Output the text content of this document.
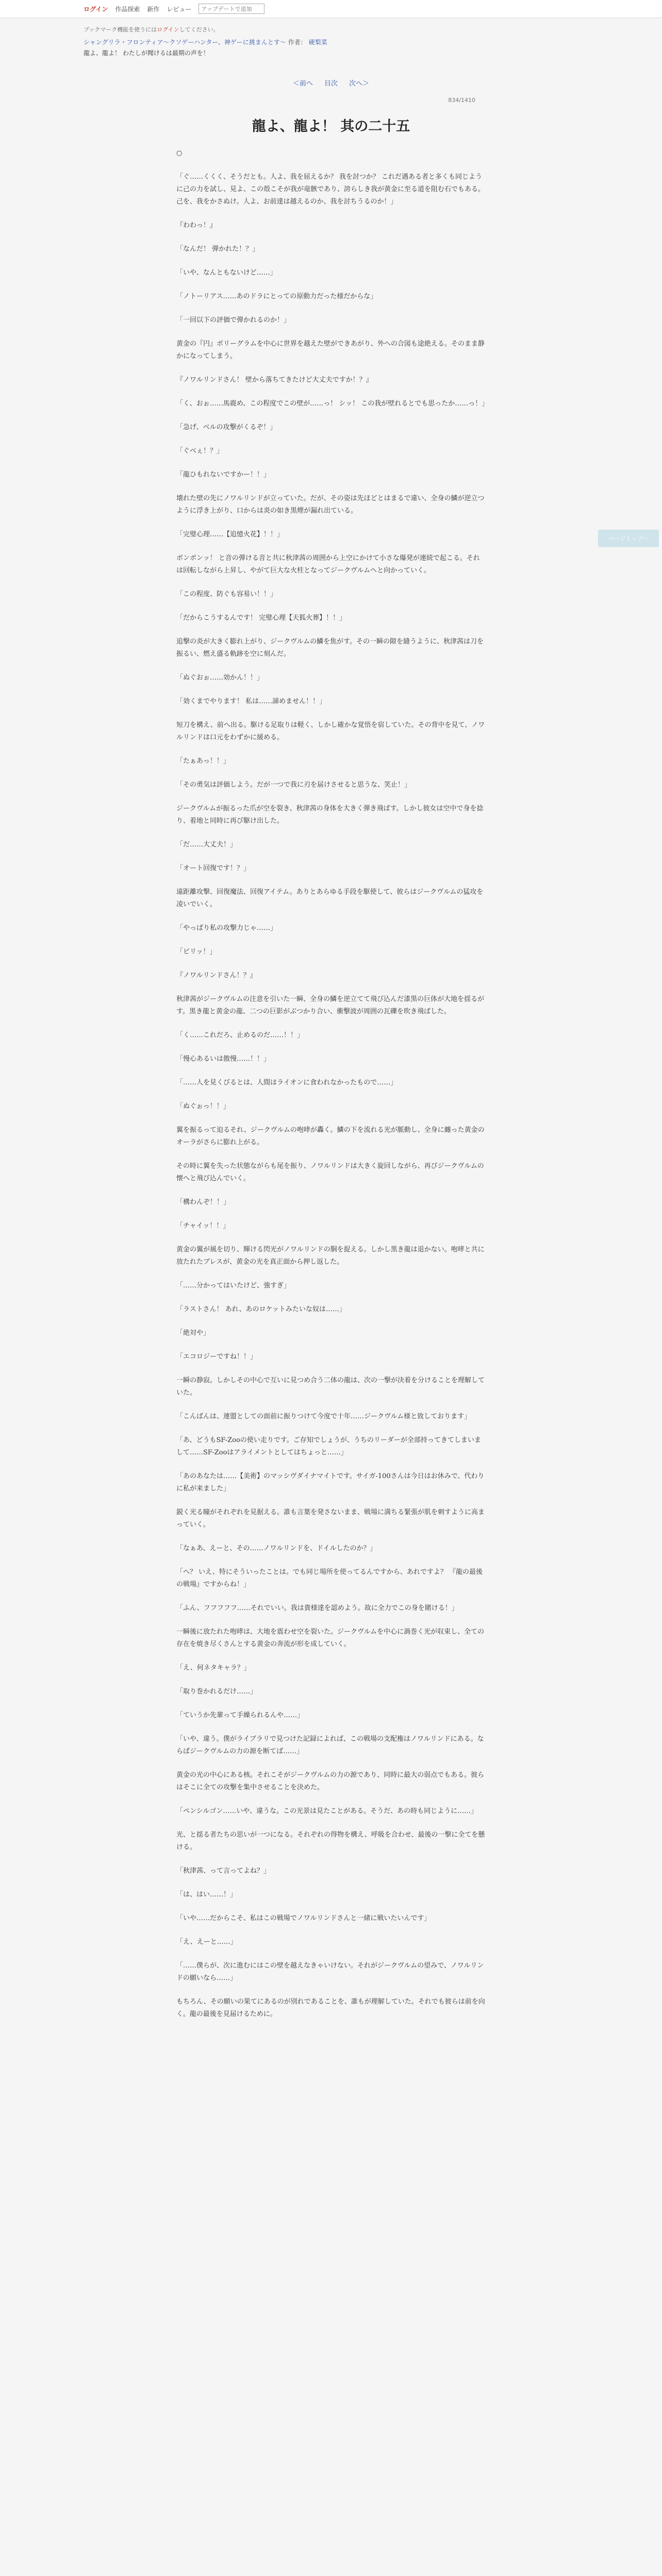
ログイン 作品探索 新作 レビュー
アップデートで追加
ブックマーク機能を使うにはログインしてください。
シャングリラ・フロンティア〜クソゲーハンター、神ゲーに挑まんとす〜 作者： 硬梨菜
龍よ、龍よ！ わたしが聞けるは最期の声を！
＜前へ 目次 次へ＞
834/1410
龍よ、龍よ！ 其の二十五

○

「ぐ……くくく、そうだとも。人よ、我を屈えるか？ 我を討つか？ これだ遇ある者と多くも同じように己の力を試し、見よ、この殻こそが我が竜骸であり、誇らしき我が黄金に至る道を阻む石でもある。己を、我をかさぬけ。人よ、お前達は越えるのか、我を討ちうるのか！」

『わわっ！』

「なんだ！ 弾かれた！？」

「いや、なんともないけど……」

「ノトーリアス……あのドラにとっての原動力だった様だからな」

「一回以下の評価で弾かれるのか！」

黄金の『円』ボリーグラムを中心に世界を越えた壁ができあがり、外への合図も途絶える。そのまま静かになってしまう。

『ノワルリンドさん！ 壁から落ちてきたけど大丈夫ですか！？』

「く、おぉ……馬鹿め、この程度でこの壁が……っ！ シッ！ この我が壁れるとでも思ったか……っ！」

「急げ、ベルの攻撃がくるぞ！」

「ぐべぇ！？」

「龍ひもれないですかー！！」

壊れた壁の先にノワルリンドが立っていた。だが、その姿は先ほどとはまるで違い、全身の鱗が逆立つように浮き上がり、口からは炎の如き黒煙が漏れ出ている。

「完璧心理……【追憶火花】！！」

ボンボンッ！ と音の弾ける音と共に秋津茜の周囲から上空にかけて小さな爆発が連続で起こる。それは回転しながら上昇し、やがて巨大な火柱となってジークヴルムへと向かっていく。

「この程度、防ぐも容易い！！」

「だからこうするんです！ 完璧心理【天狐火葬】！！」

追撃の炎が大きく膨れ上がり、ジークヴルムの鱗を焦がす。その一瞬の隙を縫うように、秋津茜は刀を振るい、燃え盛る軌跡を空に刻んだ。

「ぬぐおぉ……効かん！！」

「効くまでやります！ 私は……諦めません！！」

短刀を構え、前へ出る。駆ける足取りは軽く、しかし確かな覚悟を宿していた。その背中を見て、ノワルリンドは口元をわずかに緩める。

「たぁあっ！！」

「その勇気は評価しよう。だが一つで我に刃を届けさせると思うな、笑止！」

ジークヴルムが振るった爪が空を裂き、秋津茜の身体を大きく弾き飛ばす。しかし彼女は空中で身を捻り、着地と同時に再び駆け出した。

「だ……大丈夫！」

「オート回復です！？」

遠距離攻撃、回復魔法、回復アイテム。ありとあらゆる手段を駆使して、彼らはジークヴルムの猛攻を凌いでいく。

「やっぱり私の攻撃力じゃ……」

「ビリッ！」

『ノワルリンドさん！？』

秋津茜がジークヴルムの注意を引いた一瞬、全身の鱗を逆立てて飛び込んだ漆黒の巨体が大地を揺るがす。黒き龍と黄金の龍、二つの巨影がぶつかり合い、衝撃波が周囲の瓦礫を吹き飛ばした。

「く……これだろ、止めるのだ……！！」

「慢心あるいは傲慢……！！」

「……人を見くびるとは、人間はライオンに食われなかったもので……」

「ぬぐぉっ！！」

翼を振るって迫るそれ、ジークヴルムの咆哮が轟く。鱗の下を流れる光が脈動し、全身に纏った黄金のオーラがさらに膨れ上がる。

その時に翼を失った状態ながらも尾を振り、ノワルリンドは大きく旋回しながら、再びジークヴルムの懐へと飛び込んでいく。

「構わんぞ！！」

「チャイッ！！」

黄金の翼が風を切り、輝ける閃光がノワルリンドの胴を捉える。しかし黒き龍は退かない。咆哮と共に放たれたブレスが、黄金の光を真正面から押し返した。

「……分かってはいたけど、強すぎ」

「ラストさん！ あれ、あのロケットみたいな奴は……」

「絶対や」

「エコロジーですね！！」

一瞬の静寂。しかしその中心で互いに見つめ合う二体の龍は、次の一撃が決着を分けることを理解していた。

「こんばんは、連盟としての面前に振りつけて今度で十年……ジークヴルム様と致しております」

「あ、どうもSF-Zooの使い走りです。ご存知でしょうが、うちのリーダーが全部持ってきてしまいまして……SF-Zooはアライメントとしてはちょっと……」

「あのあなたは……【美術】のマッシヴダイナマイトです。サイガ-100さんは今日はお休みで、代わりに私が来ました」

鋭く光る瞳がそれぞれを見据える。誰も言葉を発さないまま、戦場に満ちる緊張が肌を刺すように高まっていく。

「なぁあ、えーと、その……ノワルリンドを、ドイルしたのか？」

「へ？ いえ、特にそういったことは。でも同じ場所を使ってるんですから、あれですよ？ 『龍の最後の戦場』ですからね！」

「ふん、フフフフフ……それでいい。我は貴様達を認めよう。故に全力でこの身を賭ける！」

一瞬後に放たれた咆哮は、大地を震わせ空を裂いた。ジークヴルムを中心に渦巻く光が収束し、全ての存在を焼き尽くさんとする黄金の奔流が形を成していく。

「え、何ネタキャラ？」

「取り巻かれるだけ……」

「ていうか先輩って手繰られるんや……」

「いや、違う。僕がライブラリで見つけた記録によれば、この戦場の支配権はノワルリンドにある。ならばジークヴルムの力の源を断てば……」

黄金の光の中心にある核。それこそがジークヴルムの力の源であり、同時に最大の弱点でもある。彼らはそこに全ての攻撃を集中させることを決めた。

「ペンシルゴン……いや、違うな。この光景は見たことがある。そうだ、あの時も同じように……」

光、と揺る者たちの思いが一つになる。それぞれの得物を構え、呼吸を合わせ、最後の一撃に全てを懸ける。

「秋津茜、って言ってよね？」

「は、はい……！」

「いや……だからこそ、私はこの戦場でノワルリンドさんと一緒に戦いたいんです」

「え、えーと……」

「……僕らが、次に進むにはこの壁を越えなきゃいけない。それがジークヴルムの望みで、ノワルリンドの願いなら……」

もちろん、その願いの果てにあるのが別れであることを、誰もが理解していた。それでも彼らは前を向く。龍の最後を見届けるために。

ページトップへ
